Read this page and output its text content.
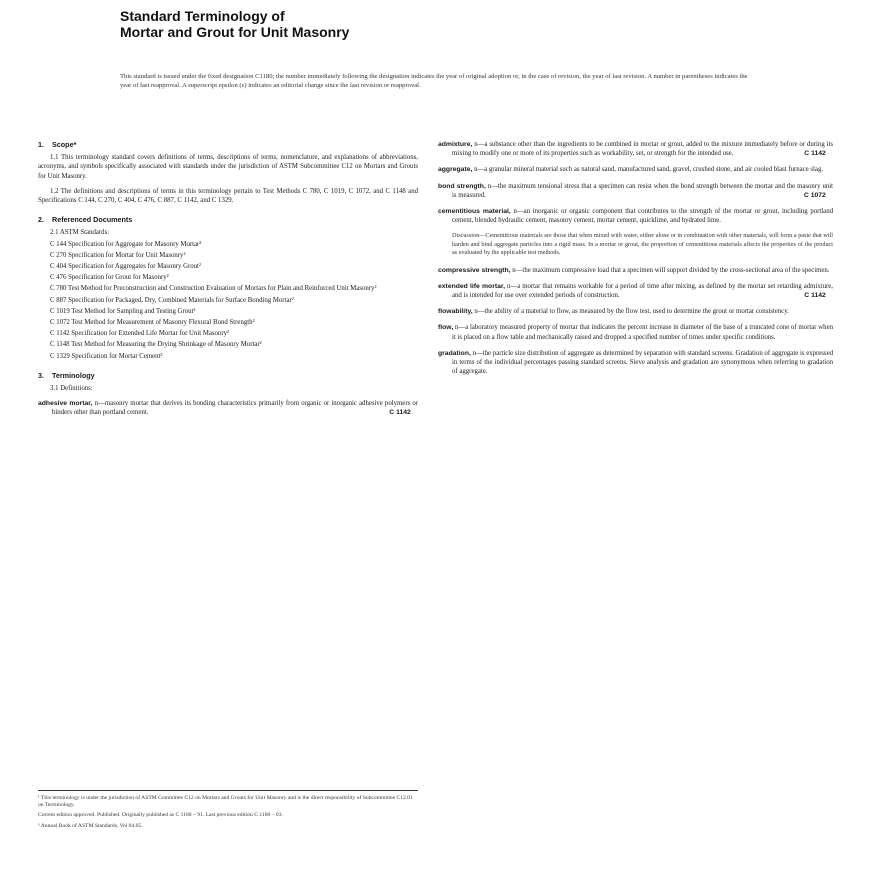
Standard Terminology of
Mortar and Grout for Unit Masonry
This standard is issued under the fixed designation C1180; the number immediately following the designation indicates the year of original adoption or, in the case of revision, the year of last revision. A number in parentheses indicates the year of last reapproval. A superscript epsilon (ε) indicates an editorial change since the last revision or reapproval.
1. Scope*

1.1 This terminology standard covers definitions of terms, descriptions of terms, nomenclature, and explanations of abbreviations, acronyms, and symbols specifically associated with standards under the jurisdiction of ASTM Subcommittee C12 on Mortars and Grouts for Unit Masonry.

1.2 The definitions and descriptions of terms in this terminology pertain to Test Methods C 780, C 1019, C 1072, and C 1148 and Specifications C 144, C 270, C 404, C 476, C 887, C 1142, and C 1329.

2. Referenced Documents
2.1 ASTM Standards:
C 144 Specification for Aggregate for Masonry Mortar²
C 270 Specification for Mortar for Unit Masonry²
C 404 Specification for Aggregates for Masonry Grout²
C 476 Specification for Grout for Masonry²
C 780 Test Method for Preconstruction and Construction Evaluation of Mortars for Plain and Reinforced Unit Masonry²
C 887 Specification for Packaged, Dry, Combined Materials for Surface Bonding Mortar²
C 1019 Test Method for Sampling and Testing Grout²
C 1072 Test Method for Measurement of Masonry Flexural Bond Strength²
C 1142 Specification for Extended Life Mortar for Unit Masonry²
C 1148 Test Method for Measuring the Drying Shrinkage of Masonry Mortar²
C 1329 Specification for Mortar Cement²
3. Terminology

3.1 Definitions:

adhesive mortar, n—masonry mortar that derives its bonding characteristics primarily from organic or inorganic adhesive polymers or binders other than portland cement.	C 1142

¹ This terminology is under the jurisdiction of ASTM Committee C12 on Mortars and Grouts for Unit Masonry and is the direct responsibility of Subcommittee C12.01 on Terminology.

Current edition approved. Published. Originally published as C 1180 – 91. Last previous edition C 1180 – 03.

² Annual Book of ASTM Standards, Vol 04.05.

admixture, n—a substance other than the ingredients to be combined in mortar or grout, added to the mixture immediately before or during its mixing to modify one or more of its properties such as workability, set, or strength for the intended use.	C 1142
aggregate, n—a granular mineral material such as natural sand, manufactured sand, gravel, crushed stone, and air cooled blast furnace slag.
bond strength, n—the maximum tensional stress that a specimen can resist when the bond strength between the mortar and the masonry unit is measured.	C 1072
cementitious material, n—an inorganic or organic component that contributes to the strength of the mortar or grout, including portland cement, blended hydraulic cement, masonry cement, mortar cement, quicklime, and hydrated lime.

Discussion—Cementitious materials are those that when mixed with water, either alone or in combination with other materials, will form a paste that will harden and bind aggregate particles into a rigid mass. In a mortar or grout, the proportion of cementitious materials affects the properties of the product as evaluated by the applicable test methods.

compressive strength, n—the maximum compressive load that a specimen will support divided by the cross-sectional area of the specimen.
extended life mortar, n—a mortar that remains workable for a period of time after mixing, as defined by the mortar set retarding admixture, and is intended for use over extended periods of construction.	C 1142
flowability, n—the ability of a material to flow, as measured by the flow test, used to determine the grout or mortar consistency.
flow, n—a laboratory measured property of mortar that indicates the percent increase in diameter of the base of a truncated cone of mortar when it is placed on a flow table and mechanically raised and dropped a specified number of times under specific conditions.
gradation, n—the particle size distribution of aggregate as determined by separation with standard screens. Gradation of aggregate is expressed in terms of the individual percentages passing standard screens. Sieve analysis and gradation are synonymous when referring to gradation of aggregate.
